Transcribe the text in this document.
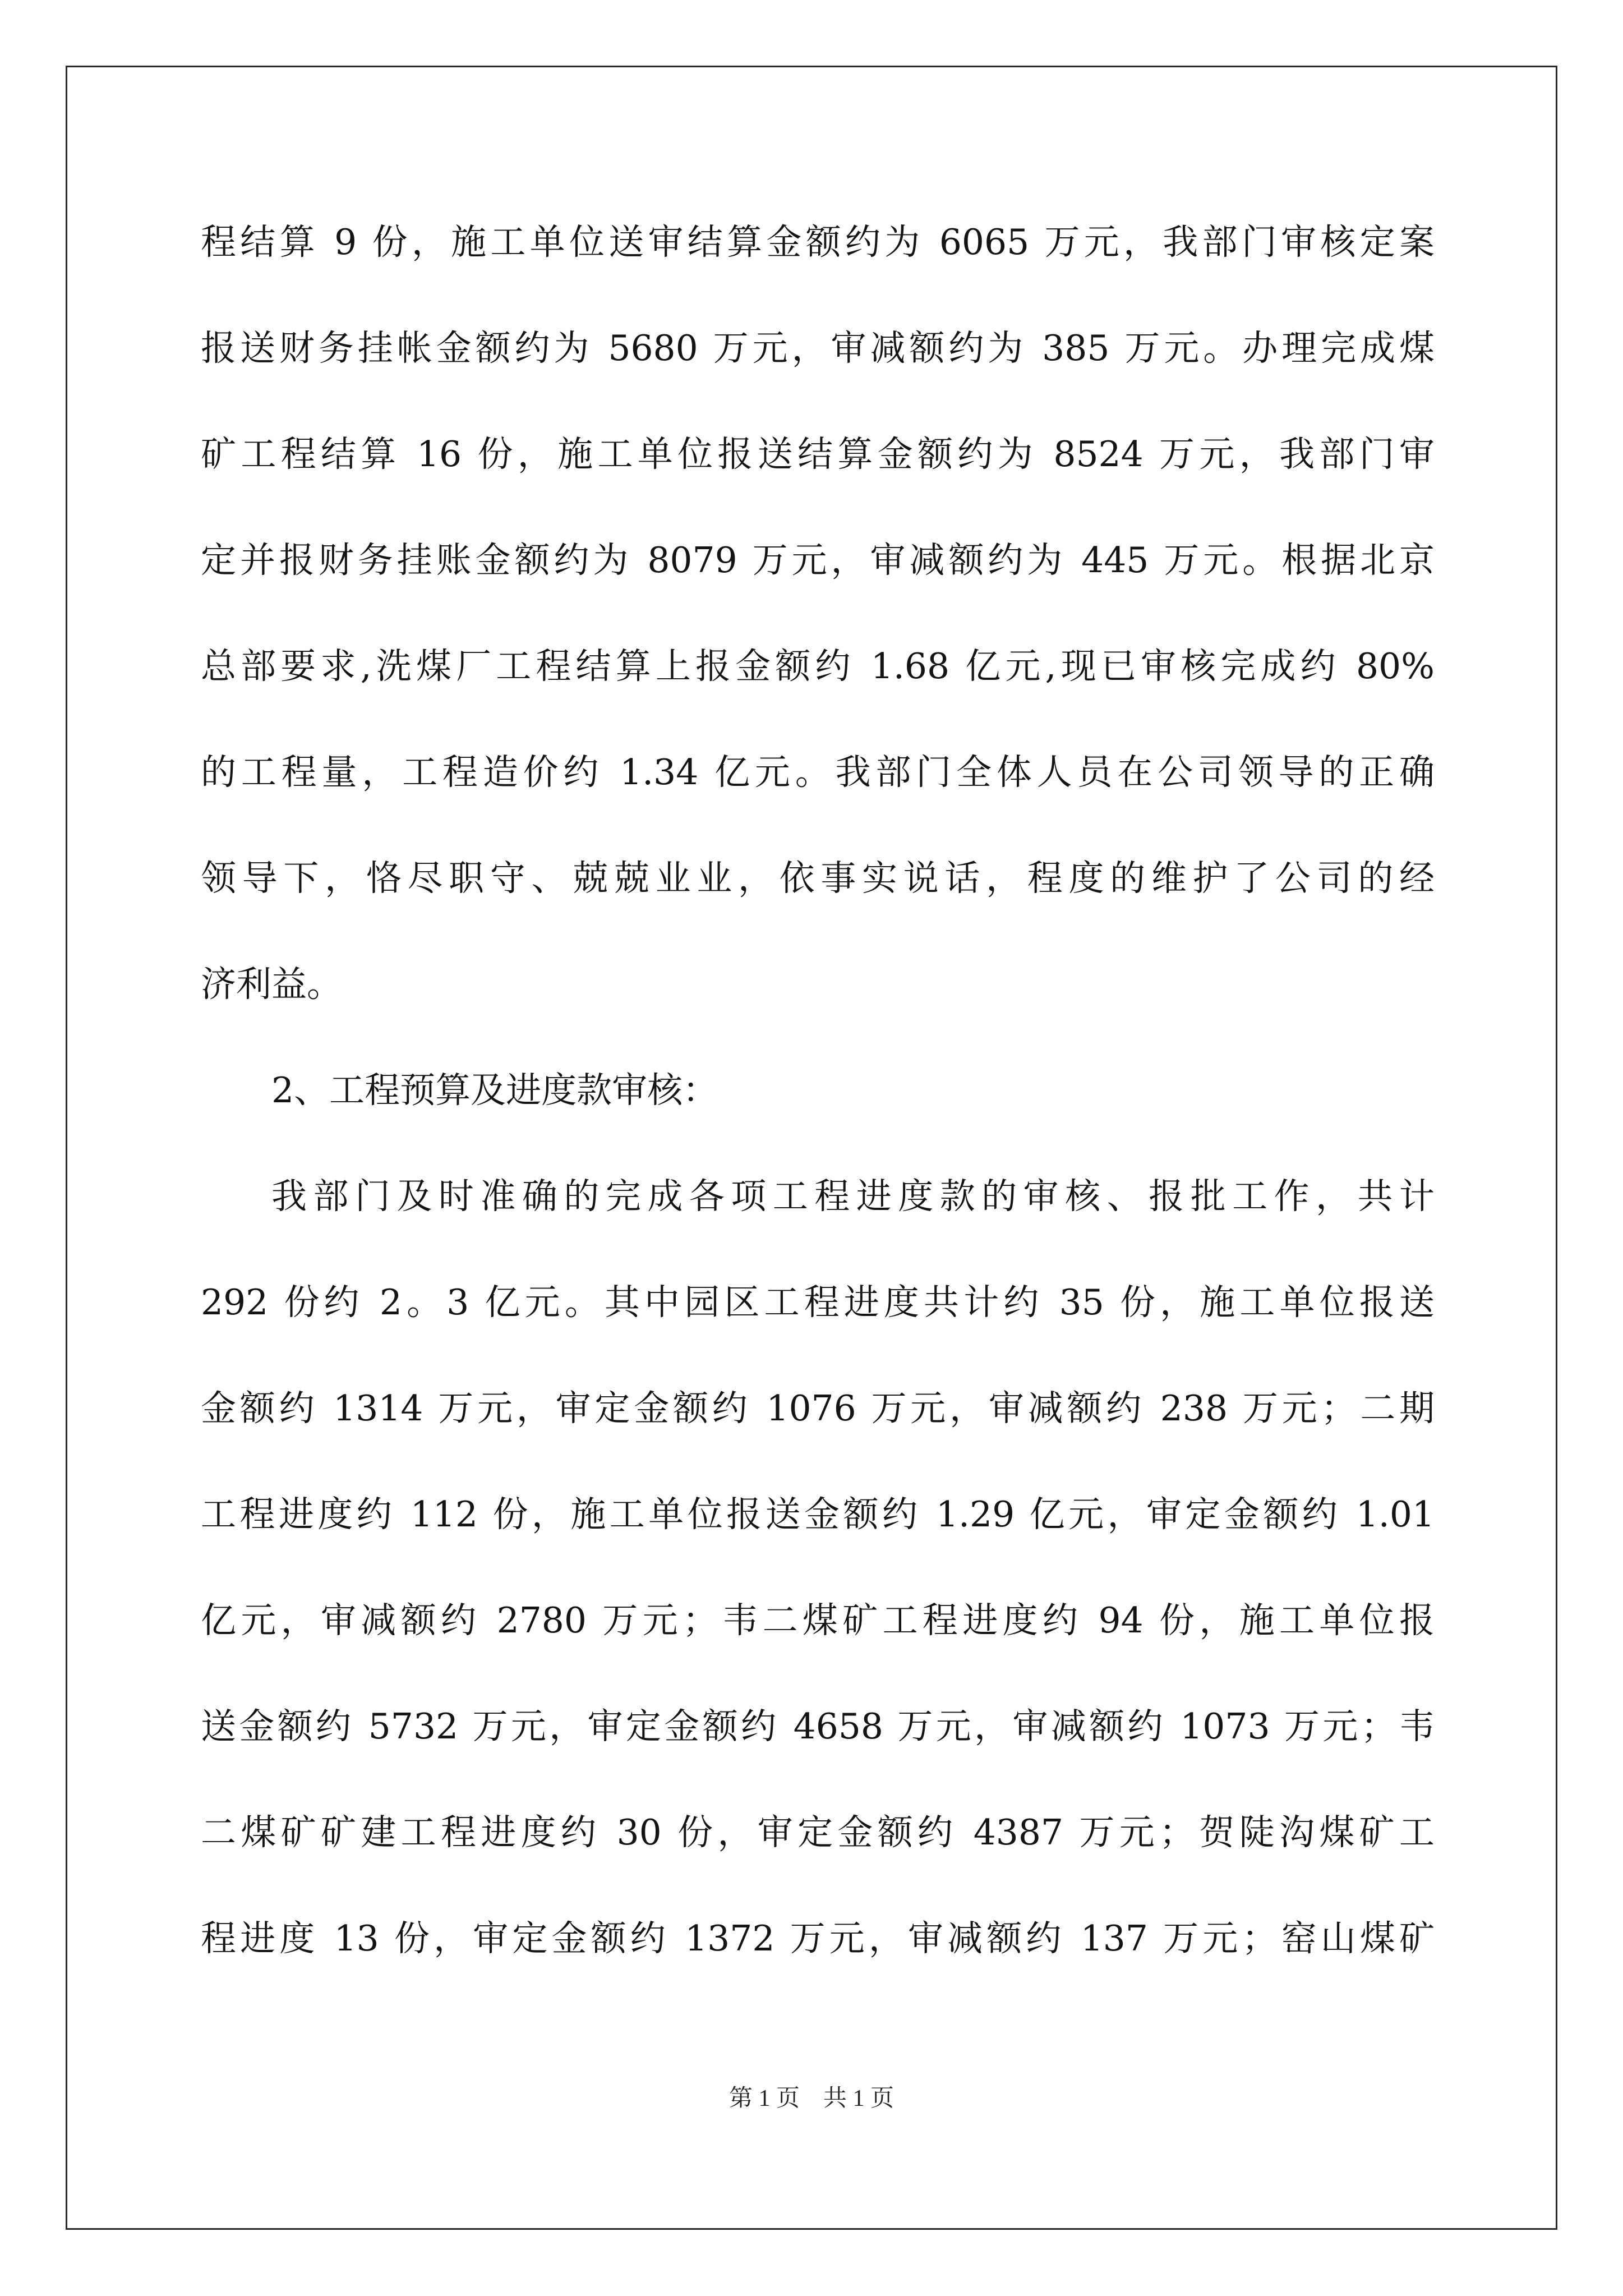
程结算 9 份，施工单位送审结算金额约为 6065 万元，我部门审核定案
报送财务挂帐金额约为 5680 万元，审减额约为 385 万元。办理完成煤
矿工程结算 16 份，施工单位报送结算金额约为 8524 万元，我部门审
定并报财务挂账金额约为 8079 万元，审减额约为 445 万元。根据北京
总部要求,洗煤厂工程结算上报金额约 1.68 亿元,现已审核完成约 80%
的工程量，工程造价约 1.34 亿元。我部门全体人员在公司领导的正确
领导下，恪尽职守、兢兢业业，依事实说话，程度的维护了公司的经
济利益。
2、工程预算及进度款审核：
我部门及时准确的完成各项工程进度款的审核、报批工作，共计
292 份约 2。3 亿元。其中园区工程进度共计约 35 份，施工单位报送
金额约 1314 万元，审定金额约 1076 万元，审减额约 238 万元；二期
工程进度约 112 份，施工单位报送金额约 1.29 亿元，审定金额约 1.01
亿元，审减额约 2780 万元；韦二煤矿工程进度约 94 份，施工单位报
送金额约 5732 万元，审定金额约 4658 万元，审减额约 1073 万元；韦
二煤矿矿建工程进度约 30 份，审定金额约 4387 万元；贺陡沟煤矿工
程进度 13 份，审定金额约 1372 万元，审减额约 137 万元；窑山煤矿
第 1 页　共 1 页
